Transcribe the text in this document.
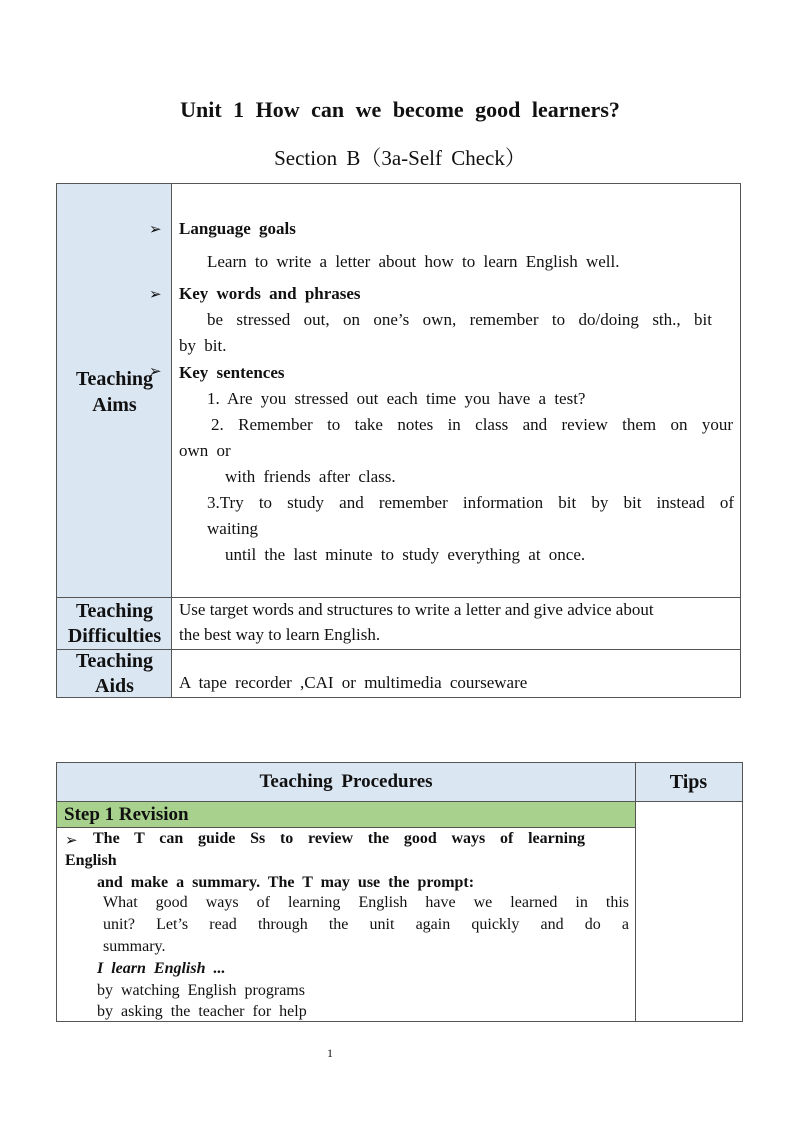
Unit 1 How can we become good learners?
Section B（3a-Self Check）
Teaching
Aims
Teaching
Difficulties
Teaching
Aids
➢ Language goals
Learn to write a letter about how to learn English well.
➢ Key words and phrases
be stressed out, on one’s own, remember to do/doing sth., bit
by bit.
➢ Key sentences
1. Are you stressed out each time you have a test?
2. Remember to take notes in class and review them on your
own or
with friends after class.
3.Try to study and remember information bit by bit instead of
waiting
until the last minute to study everything at once.
Use target words and structures to write a letter and give advice about
the best way to learn English.
A tape recorder ,CAI or multimedia courseware
Teaching Procedures	Tips
Step 1 Revision
➢ The T can guide Ss to review the good ways of learning
English
and make a summary. The T may use the prompt:
What good ways of learning English have we learned in this
unit? Let’s read through the unit again quickly and do a
summary.
I learn English ...
by watching English programs
by asking the teacher for help
1
